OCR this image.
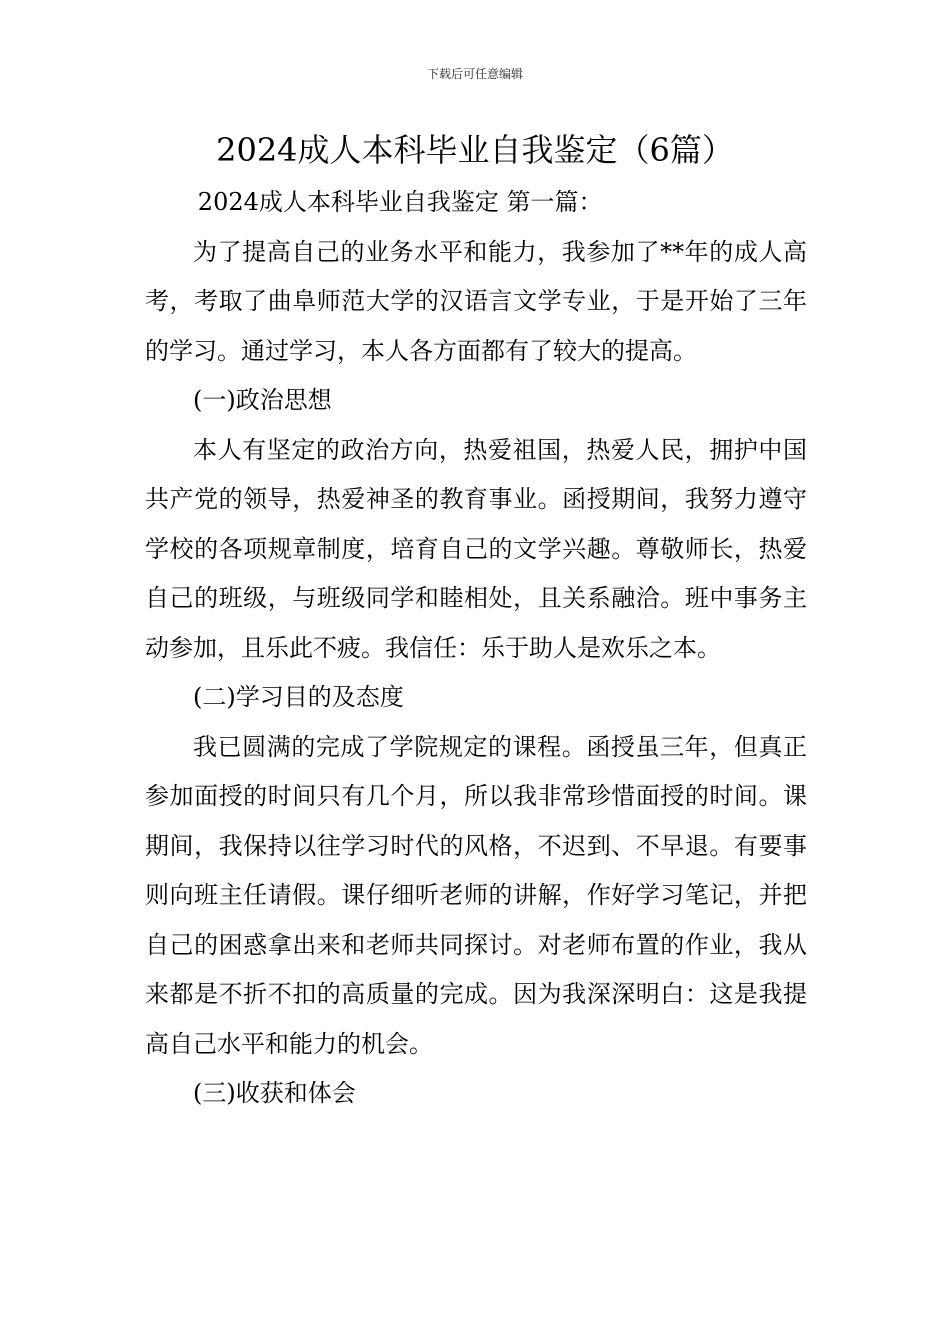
下载后可任意编辑
2024成人本科毕业自我鉴定（6篇）

2024成人本科毕业自我鉴定 第一篇：

为了提高自己的业务水平和能力，我参加了**年的成人高考，考取了曲阜师范大学的汉语言文学专业，于是开始了三年的学习。通过学习，本人各方面都有了较大的提高。

(一)政治思想

本人有坚定的政治方向，热爱祖国，热爱人民，拥护中国共产党的领导，热爱神圣的教育事业。函授期间，我努力遵守学校的各项规章制度，培育自己的文学兴趣。尊敬师长，热爱自己的班级，与班级同学和睦相处，且关系融洽。班中事务主动参加，且乐此不疲。我信任：乐于助人是欢乐之本。

(二)学习目的及态度

我已圆满的完成了学院规定的课程。函授虽三年，但真正参加面授的时间只有几个月，所以我非常珍惜面授的时间。课期间，我保持以往学习时代的风格，不迟到、不早退。有要事则向班主任请假。课仔细听老师的讲解，作好学习笔记，并把自己的困惑拿出来和老师共同探讨。对老师布置的作业，我从来都是不折不扣的高质量的完成。因为我深深明白：这是我提高自己水平和能力的机会。

(三)收获和体会
